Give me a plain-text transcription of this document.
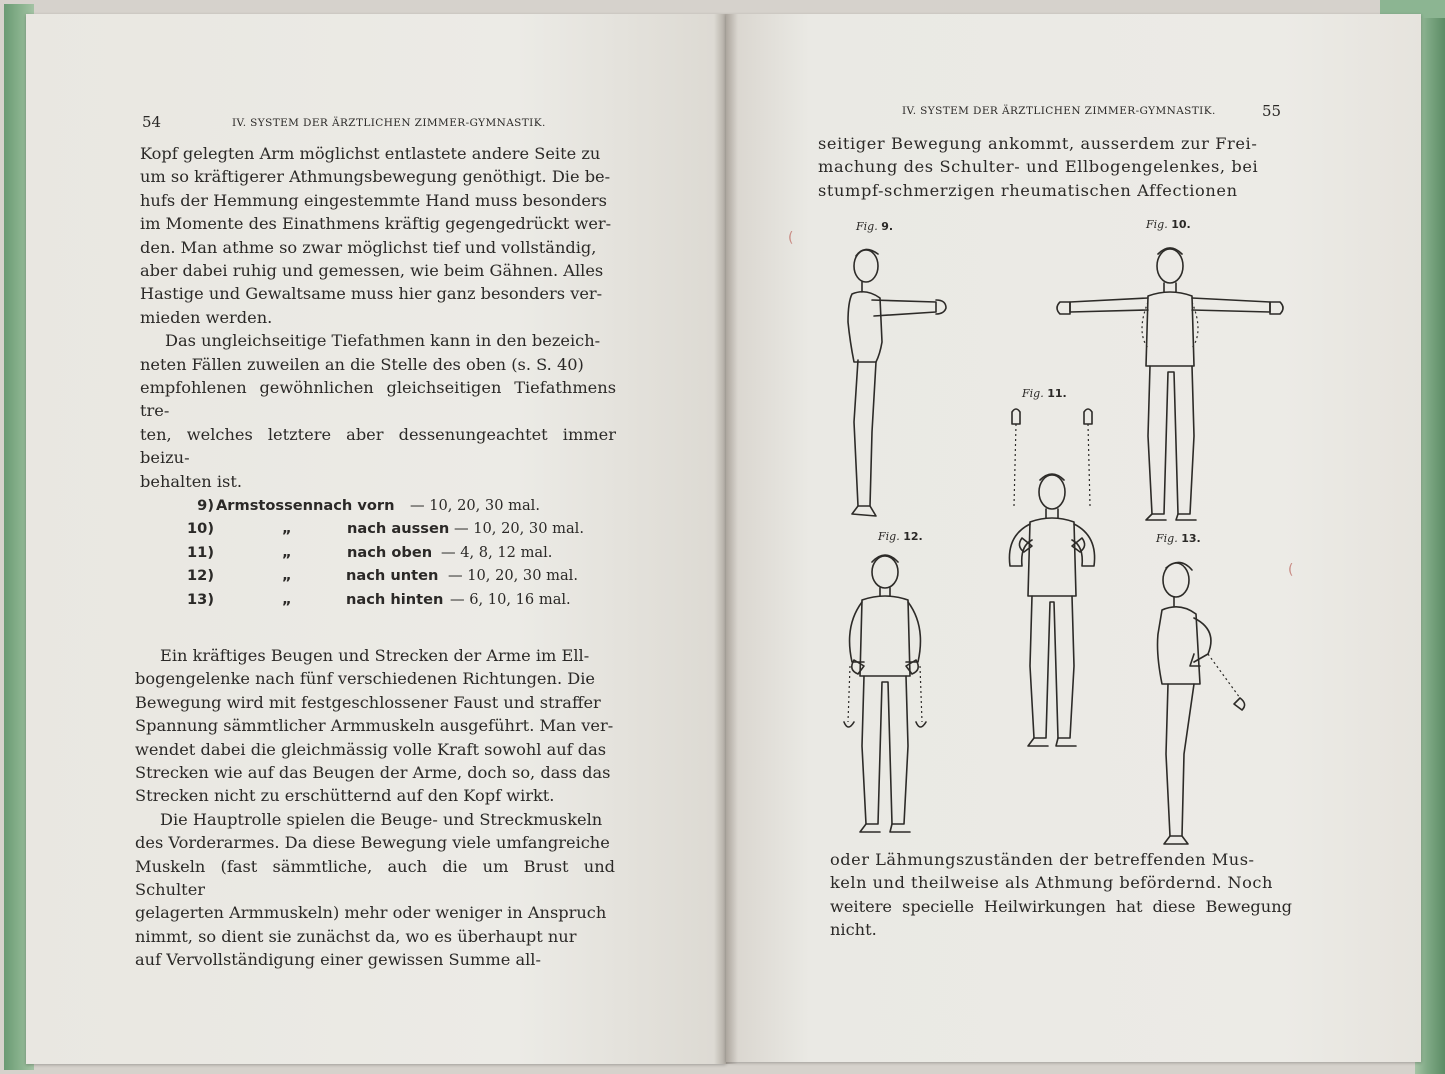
54	IV. SYSTEM DER ÄRZTLICHEN ZIMMER-GYMNASTIK.

Kopf gelegten Arm möglichst entlastete andere Seite zu

um so kräftigerer Athmungsbewegung genöthigt. Die be-

hufs der Hemmung eingestemmte Hand muss besonders

im Momente des Einathmens kräftig gegengedrückt wer-

den. Man athme so zwar möglichst tief und vollständig,

aber dabei ruhig und gemessen, wie beim Gähnen. Alles

Hastige und Gewaltsame muss hier ganz besonders ver-

mieden werden.

Das ungleichseitige Tiefathmen kann in den bezeich-

neten Fällen zuweilen an die Stelle des oben (s. S. 40)

empfohlenen gewöhnlichen gleichseitigen Tiefathmens tre-

ten, welches letztere aber dessenungeachtet immer beizu-

behalten ist.

9) Armstossen nach vorn — 10, 20, 30 mal.
10)	„	nach aussen — 10, 20, 30 mal.
11)	„	nach oben — 4, 8, 12 mal.
12)	„	nach unten — 10, 20, 30 mal.
13)	„	nach hinten — 6, 10, 16 mal.

Ein kräftiges Beugen und Strecken der Arme im Ell-

bogengelenke nach fünf verschiedenen Richtungen. Die

Bewegung wird mit festgeschlossener Faust und straffer

Spannung sämmtlicher Armmuskeln ausgeführt. Man ver-

wendet dabei die gleichmässig volle Kraft sowohl auf das

Strecken wie auf das Beugen der Arme, doch so, dass das

Strecken nicht zu erschütternd auf den Kopf wirkt.

Die Hauptrolle spielen die Beuge- und Streckmuskeln

des Vorderarmes. Da diese Bewegung viele umfangreiche

Muskeln (fast sämmtliche, auch die um Brust und Schulter

gelagerten Armmuskeln) mehr oder weniger in Anspruch

nimmt, so dient sie zunächst da, wo es überhaupt nur

auf Vervollständigung einer gewissen Summe all-

IV. SYSTEM DER ÄRZTLICHEN ZIMMER-GYMNASTIK.	55

seitiger Bewegung ankommt, ausserdem zur Frei-

machung des Schulter- und Ellbogengelenkes, bei

stumpf-schmerzigen rheumatischen Affectionen

(
(
Fig. 9.	Fig. 10.
Fig. 11.
Fig. 12.	Fig. 13.

oder Lähmungszuständen der betreffenden Mus-

keln und theilweise als Athmung befördernd. Noch

weitere specielle Heilwirkungen hat diese Bewegung nicht.
